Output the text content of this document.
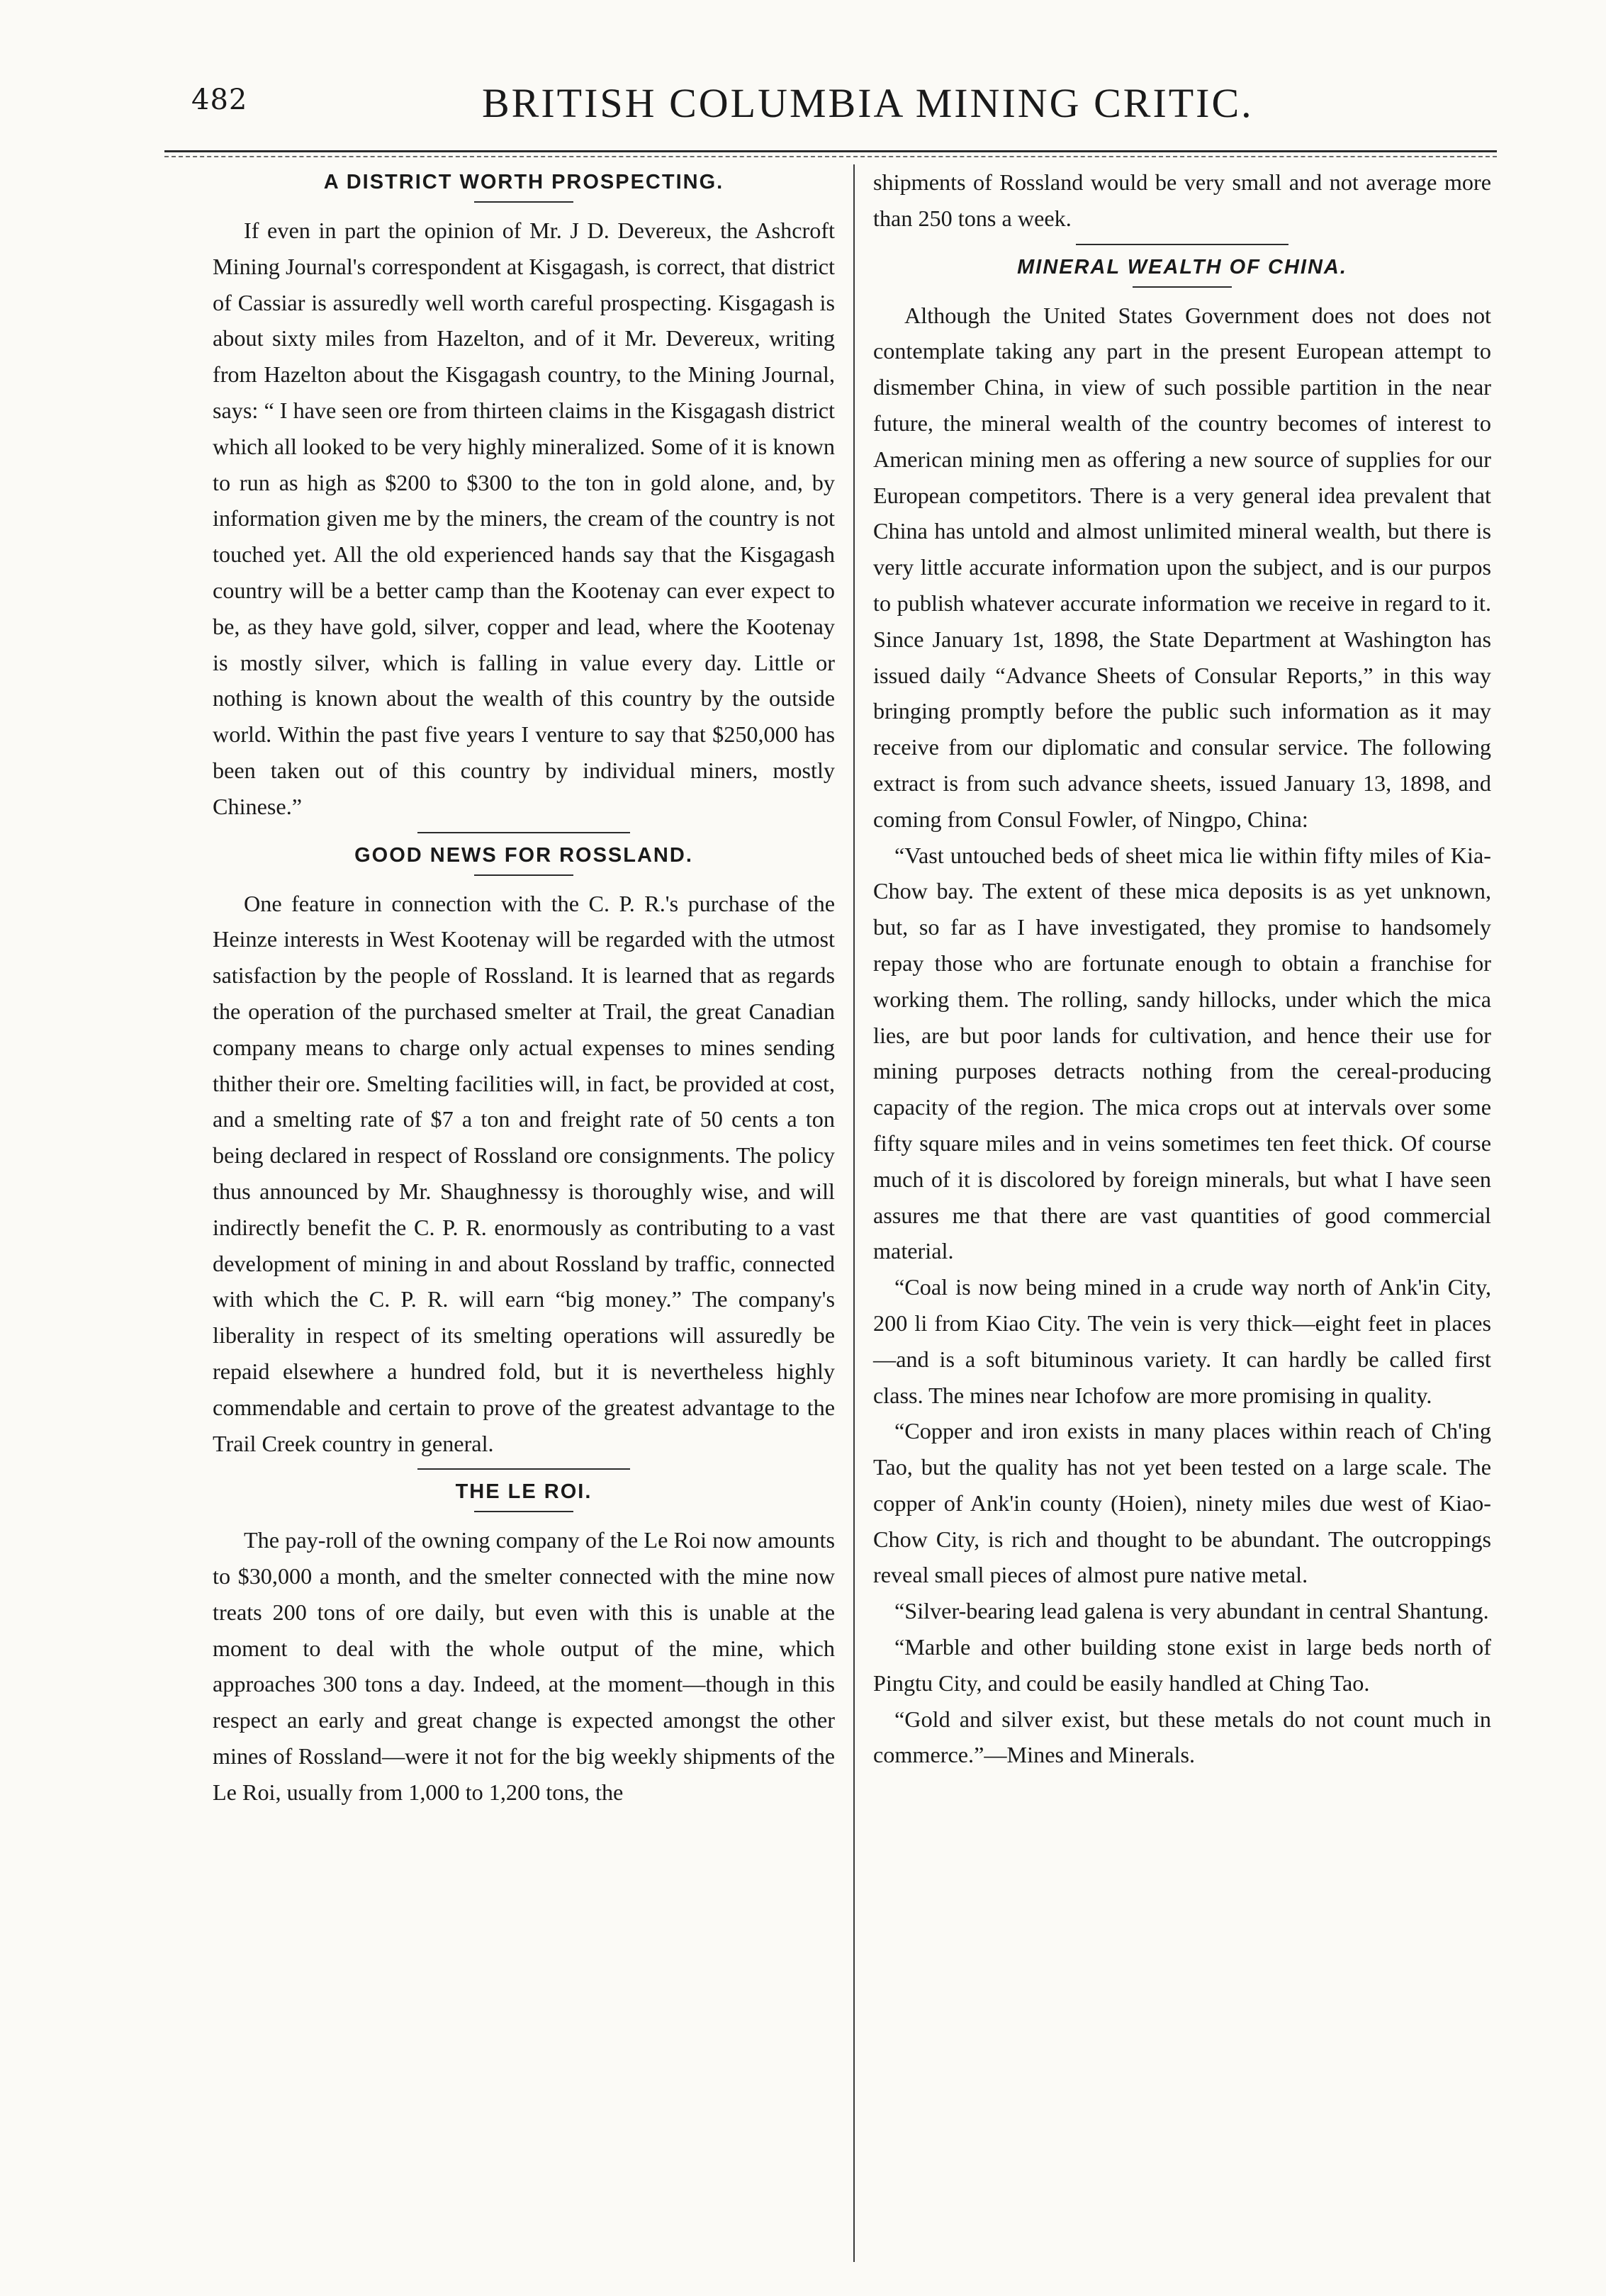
482	BRITISH COLUMBIA MINING CRITIC.
A DISTRICT WORTH PROSPECTING.

If even in part the opinion of Mr. J D. Devereux, the Ashcroft Mining Journal's correspondent at Kisgagash, is correct, that district of Cassiar is assuredly well worth careful prospecting. Kisgagash is about sixty miles from Hazelton, and of it Mr. Devereux, writing from Hazelton about the Kisgagash country, to the Mining Journal, says: “ I have seen ore from thirteen claims in the Kisgagash district which all looked to be very highly mineralized. Some of it is known to run as high as $200 to $300 to the ton in gold alone, and, by information given me by the miners, the cream of the country is not touched yet. All the old experienced hands say that the Kisgagash country will be a better camp than the Kootenay can ever expect to be, as they have gold, silver, copper and lead, where the Kootenay is mostly silver, which is falling in value every day. Little or nothing is known about the wealth of this country by the outside world. Within the past five years I venture to say that $250,000 has been taken out of this country by individual miners, mostly Chinese.”

GOOD NEWS FOR ROSSLAND.

One feature in connection with the C. P. R.'s purchase of the Heinze interests in West Kootenay will be regarded with the utmost satisfaction by the people of Rossland. It is learned that as regards the operation of the purchased smelter at Trail, the great Canadian company means to charge only actual expenses to mines sending thither their ore. Smelting facilities will, in fact, be provided at cost, and a smelting rate of $7 a ton and freight rate of 50 cents a ton being declared in respect of Rossland ore consignments. The policy thus announced by Mr. Shaughnessy is thoroughly wise, and will indirectly benefit the C. P. R. enormously as contributing to a vast development of mining in and about Rossland by traffic, connected with which the C. P. R. will earn “big money.” The company's liberality in respect of its smelting operations will assuredly be repaid elsewhere a hundred fold, but it is nevertheless highly commendable and certain to prove of the greatest advantage to the Trail Creek country in general.

THE LE ROI.

The pay-roll of the owning company of the Le Roi now amounts to $30,000 a month, and the smelter connected with the mine now treats 200 tons of ore daily, but even with this is unable at the moment to deal with the whole output of the mine, which approaches 300 tons a day. Indeed, at the moment—though in this respect an early and great change is expected amongst the other mines of Rossland—were it not for the big weekly shipments of the Le Roi, usually from 1,000 to 1,200 tons, the

shipments of Rossland would be very small and not average more than 250 tons a week.

MINERAL WEALTH OF CHINA.

Although the United States Government does not does not contemplate taking any part in the present European attempt to dismember China, in view of such possible partition in the near future, the mineral wealth of the country becomes of interest to American mining men as offering a new source of supplies for our European competitors. There is a very general idea prevalent that China has untold and almost unlimited mineral wealth, but there is very little accurate information upon the subject, and is our purpos to publish whatever accurate information we receive in regard to it. Since January 1st, 1898, the State Department at Washington has issued daily “Advance Sheets of Consular Reports,” in this way bringing promptly before the public such information as it may receive from our diplomatic and consular service. The following extract is from such advance sheets, issued January 13, 1898, and coming from Consul Fowler, of Ningpo, China:

“Vast untouched beds of sheet mica lie within fifty miles of Kia-Chow bay. The extent of these mica deposits is as yet unknown, but, so far as I have investigated, they promise to handsomely repay those who are fortunate enough to obtain a franchise for working them. The rolling, sandy hillocks, under which the mica lies, are but poor lands for cultivation, and hence their use for mining purposes detracts nothing from the cereal-producing capacity of the region. The mica crops out at intervals over some fifty square miles and in veins sometimes ten feet thick. Of course much of it is discolored by foreign minerals, but what I have seen assures me that there are vast quantities of good commercial material.

“Coal is now being mined in a crude way north of Ank'in City, 200 li from Kiao City. The vein is very thick—eight feet in places—and is a soft bituminous variety. It can hardly be called first class. The mines near Ichofow are more promising in quality.

“Copper and iron exists in many places within reach of Ch'ing Tao, but the quality has not yet been tested on a large scale. The copper of Ank'in county (Hoien), ninety miles due west of Kiao-Chow City, is rich and thought to be abundant. The outcroppings reveal small pieces of almost pure native metal.

“Silver-bearing lead galena is very abundant in central Shantung.

“Marble and other building stone exist in large beds north of Pingtu City, and could be easily handled at Ching Tao.

“Gold and silver exist, but these metals do not count much in commerce.”—Mines and Minerals.
